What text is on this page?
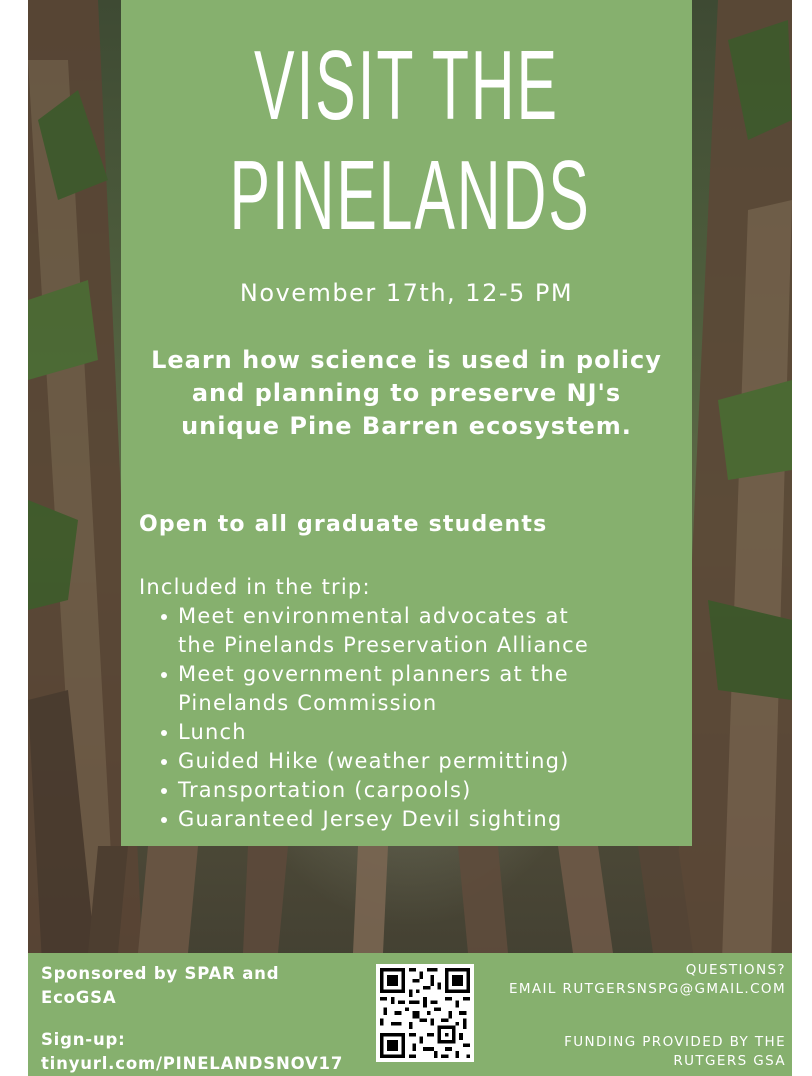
VISIT THE
PINELANDS
November 17th, 12-5 PM
Learn how science is used in policy and planning to preserve NJ's unique Pine Barren ecosystem.
Open to all graduate students
Included in the trip:
Meet environmental advocates at
the Pinelands Preservation Alliance
Meet government planners at the
Pinelands Commission
Lunch
Guided Hike (weather permitting)
Transportation (carpools)
Guaranteed Jersey Devil sighting
Sponsored by SPAR and
EcoGSA
Sign-up:
tinyurl.com/PINELANDSNOV17
QUESTIONS?
EMAIL RUTGERSNSPG@GMAIL.COM
FUNDING PROVIDED BY THE
RUTGERS GSA
